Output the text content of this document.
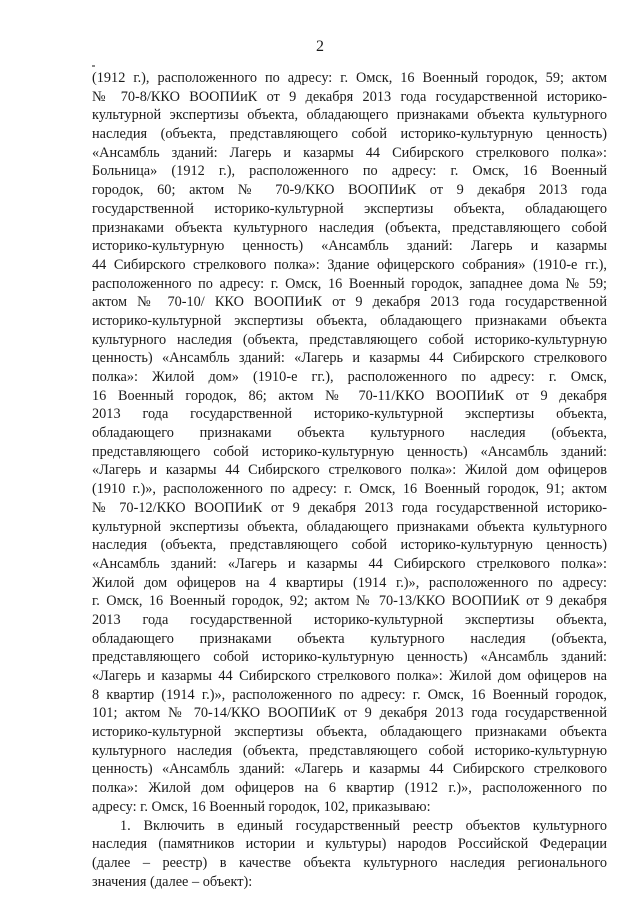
2
(1912 г.), расположенного по адресу: г. Омск, 16 Военный городок, 59; актом
№ 70-8/ККО ВООПИиК от 9 декабря 2013 года государственной историко-
культурной экспертизы объекта, обладающего признаками объекта культурного
наследия (объекта, представляющего собой историко-культурную ценность)
«Ансамбль зданий: Лагерь и казармы 44 Сибирского стрелкового полка»:
Больница» (1912 г.), расположенного по адресу: г. Омск, 16 Военный
городок, 60; актом № 70-9/ККО ВООПИиК от 9 декабря 2013 года
государственной историко-культурной экспертизы объекта, обладающего
признаками объекта культурного наследия (объекта, представляющего собой
историко-культурную ценность) «Ансамбль зданий: Лагерь и казармы
44 Сибирского стрелкового полка»: Здание офицерского собрания» (1910-е гг.),
расположенного по адресу: г. Омск, 16 Военный городок, западнее дома № 59;
актом № 70-10/ ККО ВООПИиК от 9 декабря 2013 года государственной
историко-культурной экспертизы объекта, обладающего признаками объекта
культурного наследия (объекта, представляющего собой историко-культурную
ценность) «Ансамбль зданий: «Лагерь и казармы 44 Сибирского стрелкового
полка»: Жилой дом» (1910-е гг.), расположенного по адресу: г. Омск,
16 Военный городок, 86; актом № 70-11/ККО ВООПИиК от 9 декабря
2013 года государственной историко-культурной экспертизы объекта,
обладающего признаками объекта культурного наследия (объекта,
представляющего собой историко-культурную ценность) «Ансамбль зданий:
«Лагерь и казармы 44 Сибирского стрелкового полка»: Жилой дом офицеров
(1910 г.)», расположенного по адресу: г. Омск, 16 Военный городок, 91; актом
№ 70-12/ККО ВООПИиК от 9 декабря 2013 года государственной историко-
культурной экспертизы объекта, обладающего признаками объекта культурного
наследия (объекта, представляющего собой историко-культурную ценность)
«Ансамбль зданий: «Лагерь и казармы 44 Сибирского стрелкового полка»:
Жилой дом офицеров на 4 квартиры (1914 г.)», расположенного по адресу:
г. Омск, 16 Военный городок, 92; актом № 70-13/ККО ВООПИиК от 9 декабря
2013 года государственной историко-культурной экспертизы объекта,
обладающего признаками объекта культурного наследия (объекта,
представляющего собой историко-культурную ценность) «Ансамбль зданий:
«Лагерь и казармы 44 Сибирского стрелкового полка»: Жилой дом офицеров на
8 квартир (1914 г.)», расположенного по адресу: г. Омск, 16 Военный городок,
101; актом № 70-14/ККО ВООПИиК от 9 декабря 2013 года государственной
историко-культурной экспертизы объекта, обладающего признаками объекта
культурного наследия (объекта, представляющего собой историко-культурную
ценность) «Ансамбль зданий: «Лагерь и казармы 44 Сибирского стрелкового
полка»: Жилой дом офицеров на 6 квартир (1912 г.)», расположенного по
адресу: г. Омск, 16 Военный городок, 102, приказываю:
1. Включить в единый государственный реестр объектов культурного
наследия (памятников истории и культуры) народов Российской Федерации
(далее – реестр) в качестве объекта культурного наследия регионального
значения (далее – объект):
